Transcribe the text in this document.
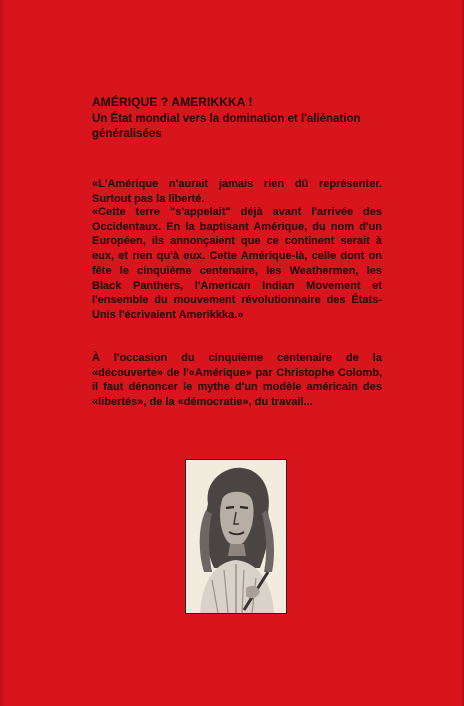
AMÉRIQUE ? AMERIKKKA !

Un État mondial vers la domination et l'aliénation généralisées

«L'Amérique n'aurait jamais rien dû représenter. Surtout pas la liberté.

«Cette terre "s'appelait" déjà avant l'arrivée des Occidentaux. En la baptisant Amérique, du nom d'un Européen, ils annonçaient que ce continent serait à eux, et rien qu'à eux. Cette Amérique-là, celle dont on fête le cinquième centenaire, les Weathermen, les Black Panthers, l'American Indian Movement et l'ensemble du mouvement révolutionnaire des États-Unis l'écrivaient Amerikkka.»

À l'occasion du cinquième centenaire de la «découverte» de l'«Amérique» par Christophe Colomb, il faut dénoncer le mythe d'un modèle américain des «libertés», de la «démocratie», du travail...
